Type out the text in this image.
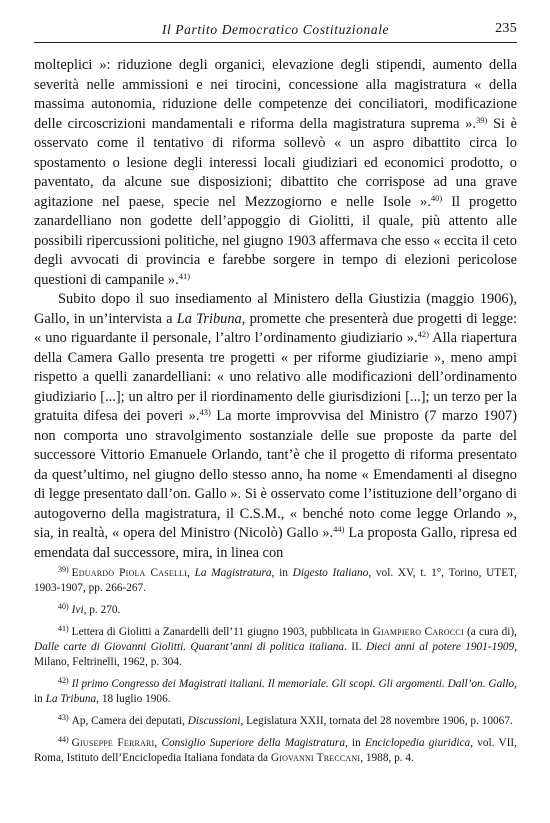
Il Partito Democratico Costituzionale	235

molteplici »: riduzione degli organici, elevazione degli stipendi, aumento della severità nelle ammissioni e nei tirocini, concessione alla magistratura « della massima autonomia, riduzione delle competenze dei conciliatori, modificazione delle circoscrizioni mandamentali e riforma della magistratura suprema ».$^{39)}$ Si è osservato come il tentativo di riforma sollevò « un aspro dibattito circa lo spostamento o lesione degli interessi locali giudiziari ed economici prodotto, o paventato, da alcune sue disposizioni; dibattito che corrispose ad una grave agitazione nel paese, specie nel Mezzogiorno e nelle Isole ».$^{40)}$ Il progetto zanardelliano non godette dell’appoggio di Giolitti, il quale, più attento alle possibili ripercussioni politiche, nel giugno 1903 affermava che esso « eccita il ceto degli avvocati di provincia e farebbe sorgere in tempo di elezioni pericolose questioni di campanile ».$^{41)}$

Subito dopo il suo insediamento al Ministero della Giustizia (maggio 1906), Gallo, in un’intervista a La Tribuna, promette che presenterà due progetti di legge: « uno riguardante il personale, l’altro l’ordinamento giudiziario ».$^{42)}$ Alla riapertura della Camera Gallo presenta tre progetti « per riforme giudiziarie », meno ampi rispetto a quelli zanardelliani: « uno relativo alle modificazioni dell’ordinamento giudiziario [...]; un altro per il riordinamento delle giurisdizioni [...]; un terzo per la gratuita difesa dei poveri ».$^{43)}$ La morte improvvisa del Ministro (7 marzo 1907) non comporta uno stravolgimento sostanziale delle sue proposte da parte del successore Vittorio Emanuele Orlando, tant’è che il progetto di riforma presentato da quest’ultimo, nel giugno dello stesso anno, ha nome « Emendamenti al disegno di legge presentato dall’on. Gallo ». Si è osservato come l’istituzione dell’organo di autogoverno della magistratura, il C.S.M., « benché noto come legge Orlando », sia, in realtà, « opera del Ministro (Nicolò) Gallo ».$^{44)}$ La proposta Gallo, ripresa ed emendata dal successore, mira, in linea con

$^{39)}$ Eduardo Piola Caselli, La Magistratura, in Digesto Italiano, vol. XV, t. 1°, Torino, UTET, 1903-1907, pp. 266-267.

$^{40)}$ Ivi, p. 270.

$^{41)}$ Lettera di Giolitti a Zanardelli dell’11 giugno 1903, pubblicata in Giampiero Carocci (a cura di), Dalle carte di Giovanni Giolitti. Quarant’anni di politica italiana. II. Dieci anni al potere 1901-1909, Milano, Feltrinelli, 1962, p. 304.

$^{42)}$ Il primo Congresso dei Magistrati italiani. Il memoriale. Gli scopi. Gli argomenti. Dall’on. Gallo, in La Tribuna, 18 luglio 1906.

$^{43)}$ Ap, Camera dei deputati, Discussioni, Legislatura XXII, tornata del 28 novembre 1906, p. 10067.

$^{44)}$ Giuseppe Ferrari, Consiglio Superiore della Magistratura, in Enciclopedia giuridica, vol. VII, Roma, Istituto dell’Enciclopedia Italiana fondata da Giovanni Treccani, 1988, p. 4.
